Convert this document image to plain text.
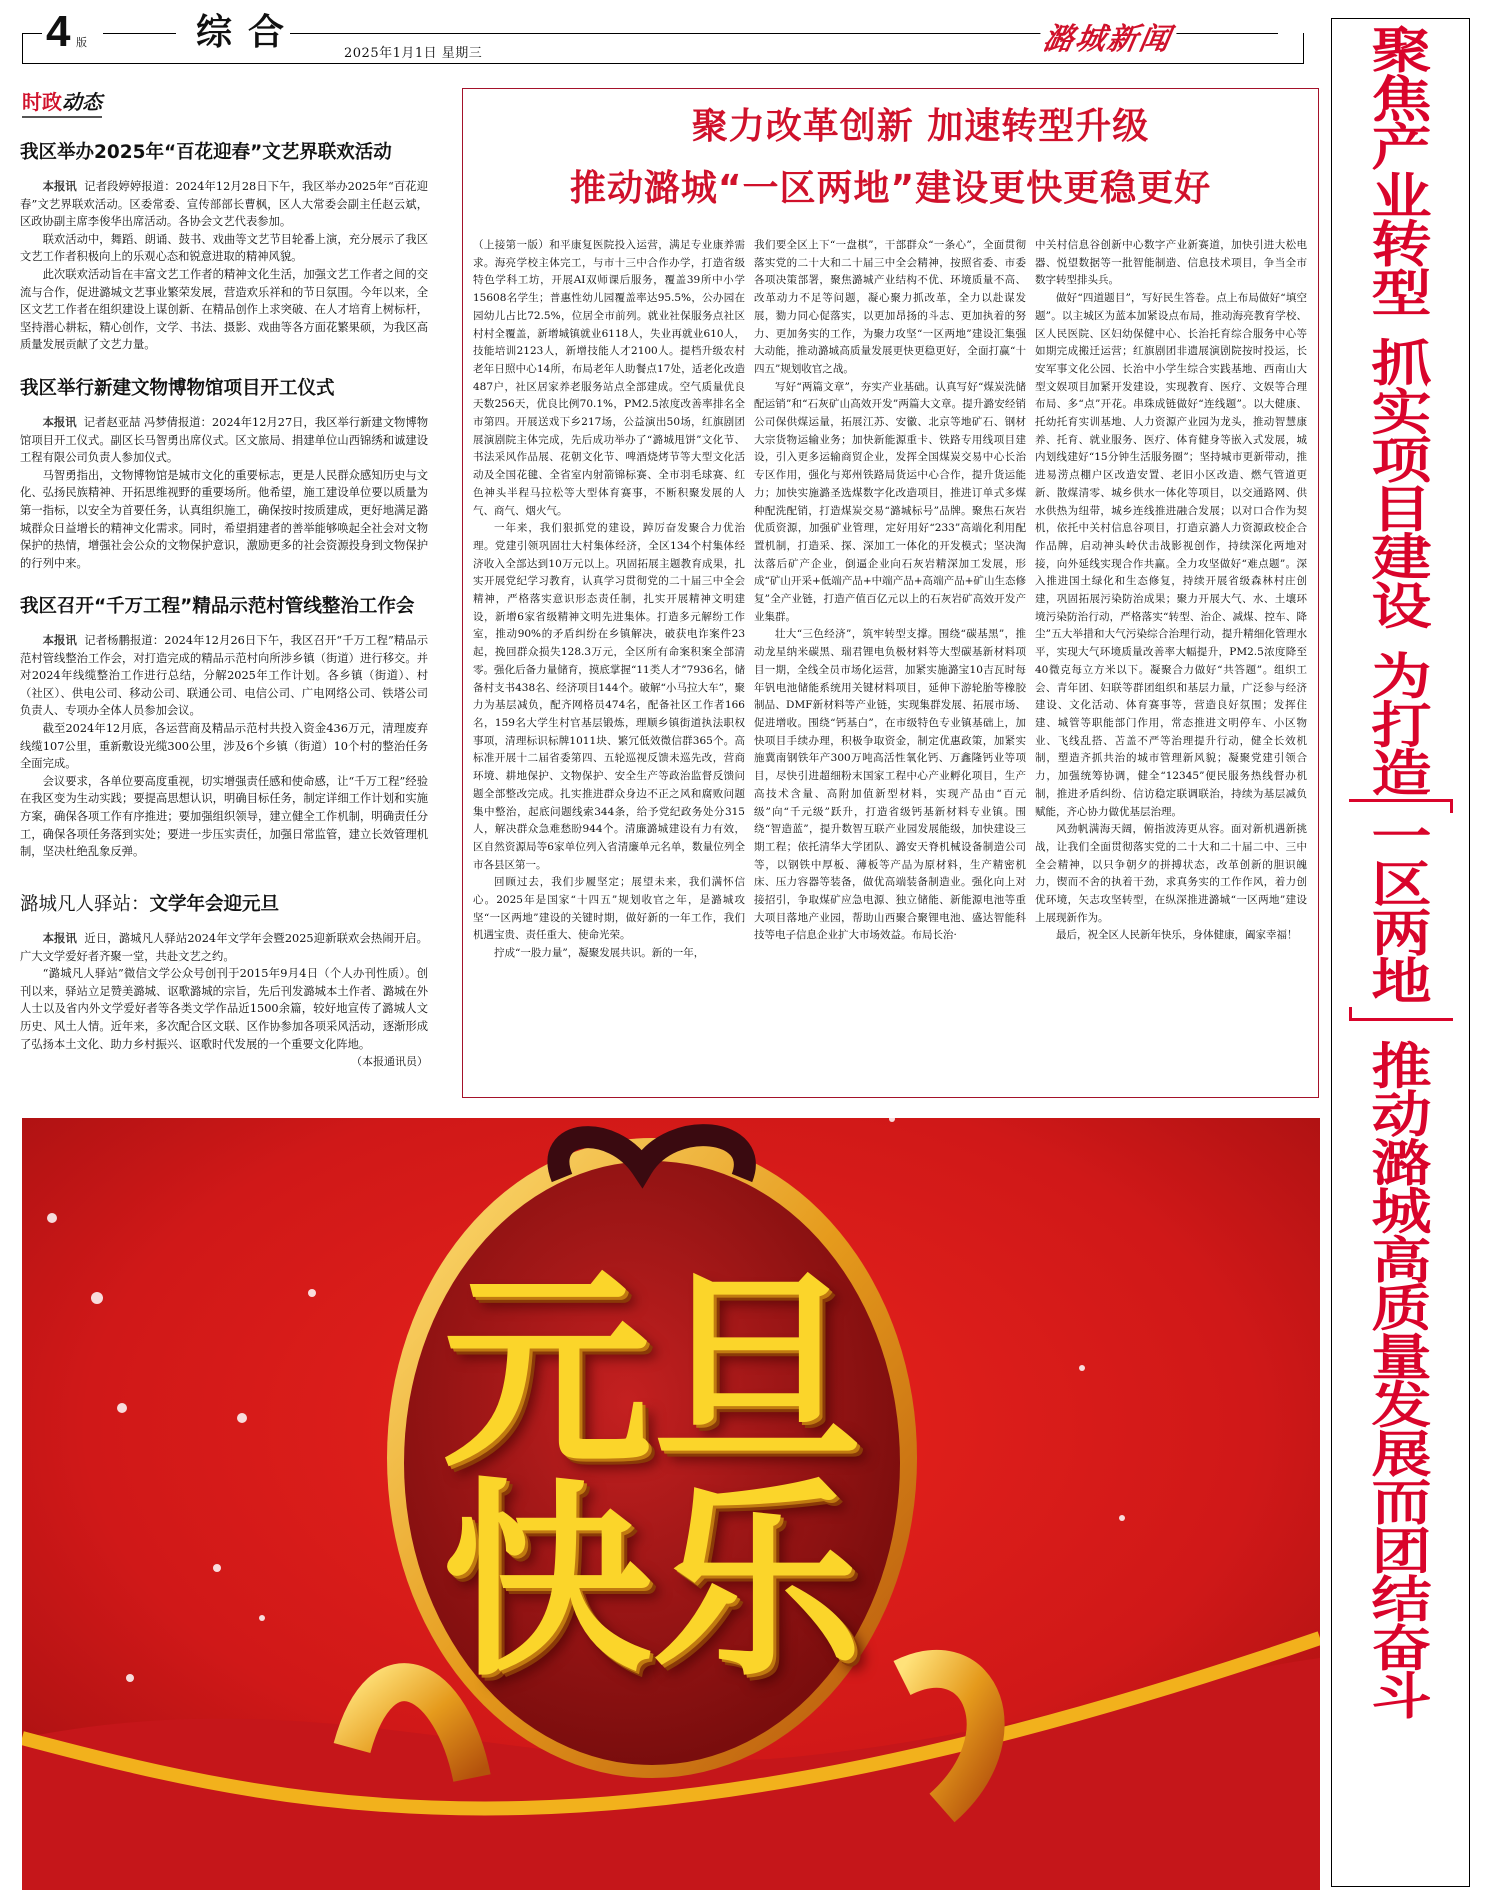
4 版	综合
2025年1月1日 星期三	潞城新闻
时政动态
我区举办2025年“百花迎春”文艺界联欢活动

本报讯 记者段婷婷报道：2024年12月28日下午，我区举办2025年“百花迎春”文艺界联欢活动。区委常委、宣传部部长曹枫，区人大常委会副主任赵云斌，区政协副主席李俊华出席活动。各协会文艺代表参加。

联欢活动中，舞蹈、朗诵、鼓书、戏曲等文艺节目轮番上演，充分展示了我区文艺工作者积极向上的乐观心态和锐意进取的精神风貌。

此次联欢活动旨在丰富文艺工作者的精神文化生活，加强文艺工作者之间的交流与合作，促进潞城文艺事业繁荣发展，营造欢乐祥和的节日氛围。今年以来，全区文艺工作者在组织建设上谋创新、在精品创作上求突破、在人才培育上树标杆，坚持潜心耕耘，精心创作，文学、书法、摄影、戏曲等各方面花繁果硕，为我区高质量发展贡献了文艺力量。

我区举行新建文物博物馆项目开工仪式

本报讯 记者赵亚喆 冯梦倩报道：2024年12月27日，我区举行新建文物博物馆项目开工仪式。副区长马智勇出席仪式。区文旅局、捐建单位山西锦绣和诚建设工程有限公司负责人参加仪式。

马智勇指出，文物博物馆是城市文化的重要标志，更是人民群众感知历史与文化、弘扬民族精神、开拓思维视野的重要场所。他希望，施工建设单位要以质量为第一指标，以安全为首要任务，认真组织施工，确保按时按质建成，更好地满足潞城群众日益增长的精神文化需求。同时，希望捐建者的善举能够唤起全社会对文物保护的热情，增强社会公众的文物保护意识，激励更多的社会资源投身到文物保护的行列中来。

我区召开“千万工程”精品示范村管线整治工作会

本报讯 记者杨鹏报道：2024年12月26日下午，我区召开“千万工程”精品示范村管线整治工作会，对打造完成的精品示范村向所涉乡镇（街道）进行移交。并对2024年线缆整治工作进行总结，分解2025年工作计划。各乡镇（街道）、村（社区）、供电公司、移动公司、联通公司、电信公司、广电网络公司、铁塔公司负责人、专项办全体人员参加会议。

截至2024年12月底，各运营商及精品示范村共投入资金436万元，清理废弃线缆107公里，重新敷设光缆300公里，涉及6个乡镇（街道）10个村的整治任务全面完成。

会议要求，各单位要高度重视，切实增强责任感和使命感，让“千万工程”经验在我区变为生动实践；要提高思想认识，明确目标任务，制定详细工作计划和实施方案，确保各项工作有序推进；要加强组织领导，建立健全工作机制，明确责任分工，确保各项任务落到实处；要进一步压实责任，加强日常监管，建立长效管理机制，坚决杜绝乱象反弹。

潞城凡人驿站：文学年会迎元旦

本报讯 近日，潞城凡人驿站2024年文学年会暨2025迎新联欢会热闹开启。广大文学爱好者齐聚一堂，共赴文艺之约。

“潞城凡人驿站”微信文学公众号创刊于2015年9月4日（个人办刊性质）。创刊以来，驿站立足赞美潞城、讴歌潞城的宗旨，先后刊发潞城本土作者、潞城在外人士以及省内外文学爱好者等各类文学作品近1500余篇，较好地宣传了潞城人文历史、风土人情。近年来，多次配合区文联、区作协参加各项采风活动，逐渐形成了弘扬本土文化、助力乡村振兴、讴歌时代发展的一个重要文化阵地。

（本报通讯员）
聚力改革创新 加速转型升级
推动潞城“一区两地”建设更快更稳更好

（上接第一版）和平康复医院投入运营，满足专业康养需求。海亮学校主体完工，与市十三中合作办学，打造省级特色学科工坊，开展AI双师课后服务，覆盖39所中小学15608名学生；普惠性幼儿园覆盖率达95.5%，公办园在园幼儿占比72.5%，位居全市前列。就业社保服务点社区村村全覆盖，新增城镇就业6118人，失业再就业610人，技能培训2123人，新增技能人才2100人。提档升级农村老年日照中心14所，布局老年人助餐点17处，适老化改造487户，社区居家养老服务站点全部建成。空气质量优良天数256天，优良比例70.1%，PM2.5浓度改善率排名全市第四。开展送戏下乡217场，公益演出50场，红旗剧团展演剧院主体完成，先后成功举办了“潞城甩饼”文化节、书法采风作品展、花朝文化节、啤酒烧烤节等大型文化活动及全国花毽、全省室内射箭锦标赛、全市羽毛球赛、红色神头半程马拉松等大型体育赛事，不断积聚发展的人气、商气、烟火气。

一年来，我们狠抓党的建设，踔厉奋发聚合力优治理。党建引领巩固壮大村集体经济，全区134个村集体经济收入全部达到10万元以上。巩固拓展主题教育成果，扎实开展党纪学习教育，认真学习贯彻党的二十届三中全会精神，严格落实意识形态责任制，扎实开展精神文明建设，新增6家省级精神文明先进集体。打造多元解纷工作室，推动90%的矛盾纠纷在乡镇解决，破获电诈案件23起，挽回群众损失128.3万元，全区所有命案积案全部清零。强化后备力量储育，摸底掌握“11类人才”7936名，储备村支书438名、经济项目144个。破解“小马拉大车”，聚力为基层减负，配齐网格员474名，配备社区工作者166名，159名大学生村官基层锻炼，理顺乡镇街道执法职权事项，清理标识标牌1011块、繁冗低效微信群365个。高标准开展十二届省委第四、五轮巡视反馈未巡先改，营商环境、耕地保护、文物保护、安全生产等政治监督反馈问题全部整改完成。扎实推进群众身边不正之风和腐败问题集中整治，起底问题线索344条，给予党纪政务处分315人，解决群众急难愁盼944个。清廉潞城建设有力有效，区自然资源局等6家单位列入省清廉单元名单，数量位列全市各县区第一。

回顾过去，我们步履坚定；展望未来，我们满怀信心。2025年是国家“十四五”规划收官之年，是潞城攻坚“一区两地”建设的关键时期，做好新的一年工作，我们机遇宝贵、责任重大、使命光荣。

拧成“一股力量”，凝聚发展共识。新的一年，

我们要全区上下“一盘棋”，干部群众“一条心”，全面贯彻落实党的二十大和二十届三中全会精神，按照省委、市委各项决策部署，聚焦潞城产业结构不优、环境质量不高、改革动力不足等问题，凝心聚力抓改革，全力以赴谋发展，勠力同心促落实，以更加昂扬的斗志、更加执着的努力、更加务实的工作，为聚力攻坚“一区两地”建设汇集强大动能，推动潞城高质量发展更快更稳更好，全面打赢“十四五”规划收官之战。

写好“两篇文章”，夯实产业基础。认真写好“煤炭洗储配运销”和“石灰矿山高效开发”两篇大文章。提升潞安经销公司保供煤运量，拓展江苏、安徽、北京等地矿石、钢材大宗货物运输业务；加快新能源重卡、铁路专用线项目建设，引入更多运输商贸企业，发挥全国煤炭交易中心长治专区作用，强化与郑州铁路局货运中心合作，提升货运能力；加快实施潞圣选煤数字化改造项目，推进订单式多煤种配洗配销，打造煤炭交易“潞城标号”品牌。聚焦石灰岩优质资源，加强矿业管理，定好用好“233”高端化利用配置机制，打造采、探、深加工一体化的开发模式；坚决淘汰落后矿产企业，倒逼企业向石灰岩精深加工发展，形成“矿山开采+低端产品+中端产品+高端产品+矿山生态修复”全产业链，打造产值百亿元以上的石灰岩矿高效开发产业集群。

壮大“三色经济”，筑牢转型支撑。围绕“碳基黑”，推动龙星纳米碳黑、瑞君锂电负极材料等大型碳基新材料项目一期，全线全员市场化运营，加紧实施潞宝10吉瓦时每年钒电池储能系统用关键材料项目，延伸下游轮胎等橡胶制品、DMF新材料等产业链，实现集群发展、拓展市场、促进增收。围绕“钙基白”，在市级特色专业镇基础上，加快项目手续办理，积极争取资金，制定优惠政策，加紧实施冀南钢铁年产300万吨高活性氧化钙、万鑫隆钙业等项目，尽快引进超细粉末国家工程中心产业孵化项目，生产高技术含量、高附加值新型材料，实现产品由“百元级”向“千元级”跃升，打造省级钙基新材料专业镇。围绕“智造蓝”，提升数智互联产业园发展能级，加快建设三期工程；依托清华大学团队、潞安天脊机械设备制造公司等，以钢铁中厚板、薄板等产品为原材料，生产精密机床、压力容器等装备，做优高端装备制造业。强化向上对接招引，争取煤矿应急电源、独立储能、新能源电池等重大项目落地产业园，帮助山西聚合聚锂电池、盛达智能科技等电子信息企业扩大市场效益。布局长治·

中关村信息谷创新中心数字产业新赛道，加快引进大松电器、悦望数据等一批智能制造、信息技术项目，争当全市数字转型排头兵。

做好“四道题目”，写好民生答卷。点上布局做好“填空题”。以主城区为蓝本加紧设点布局，推动海亮教育学校、区人民医院、区妇幼保健中心、长治托育综合服务中心等如期完成搬迁运营；红旗剧团非遗展演剧院按时投运，长安军事文化公园、长治中小学生综合实践基地、西南山大型文娱项目加紧开发建设，实现教育、医疗、文娱等合理布局、多“点”开花。串珠成链做好“连线题”。以大健康、托幼托育实训基地、人力资源产业园为龙头，推动智慧康养、托育、就业服务、医疗、体育健身等嵌入式发展，城内划线建好“15分钟生活服务圈”；坚持城市更新带动，推进易涝点棚户区改造安置、老旧小区改造、燃气管道更新、散煤清零、城乡供水一体化等项目，以交通路网、供水供热为纽带，城乡连线推进融合发展；以对口合作为契机，依托中关村信息谷项目，打造京潞人力资源政校企合作品牌，启动神头岭伏击战影视创作，持续深化两地对接，向外延线实现合作共赢。全力攻坚做好“难点题”。深入推进国土绿化和生态修复，持续开展省级森林村庄创建，巩固拓展污染防治成果；聚力开展大气、水、土壤环境污染防治行动，严格落实“转型、治企、减煤、控车、降尘”五大举措和大气污染综合治理行动，提升精细化管理水平，实现大气环境质量改善率大幅提升，PM2.5浓度降至40微克每立方米以下。凝聚合力做好“共答题”。组织工会、青年团、妇联等群团组织和基层力量，广泛参与经济建设、文化活动、体育赛事等，营造良好氛围；发挥住建、城管等职能部门作用，常态推进文明停车、小区物业、飞线乱搭、苫盖不严等治理提升行动，健全长效机制，塑造齐抓共治的城市管理新风貌；凝聚党建引领合力，加强统筹协调，健全“12345”便民服务热线督办机制，推进矛盾纠纷、信访稳定联调联治，持续为基层减负赋能，齐心协力做优基层治理。

风劲帆满海天阔，俯指波涛更从容。面对新机遇新挑战，让我们全面贯彻落实党的二十大和二十届二中、三中全会精神，以只争朝夕的拼搏状态，改革创新的胆识魄力，锲而不舍的执着干劲，求真务实的工作作风，着力创优环境，矢志攻坚转型，在纵深推进潞城“一区两地”建设上展现新作为。

最后，祝全区人民新年快乐，身体健康，阖家幸福！

聚
焦
产
业
转
型
抓
实
项
目
建
设
为
打
造
一
区
两
地
推
动
潞
城
高
质
量
发
展
而
团
结
奋
斗
元旦
快乐
